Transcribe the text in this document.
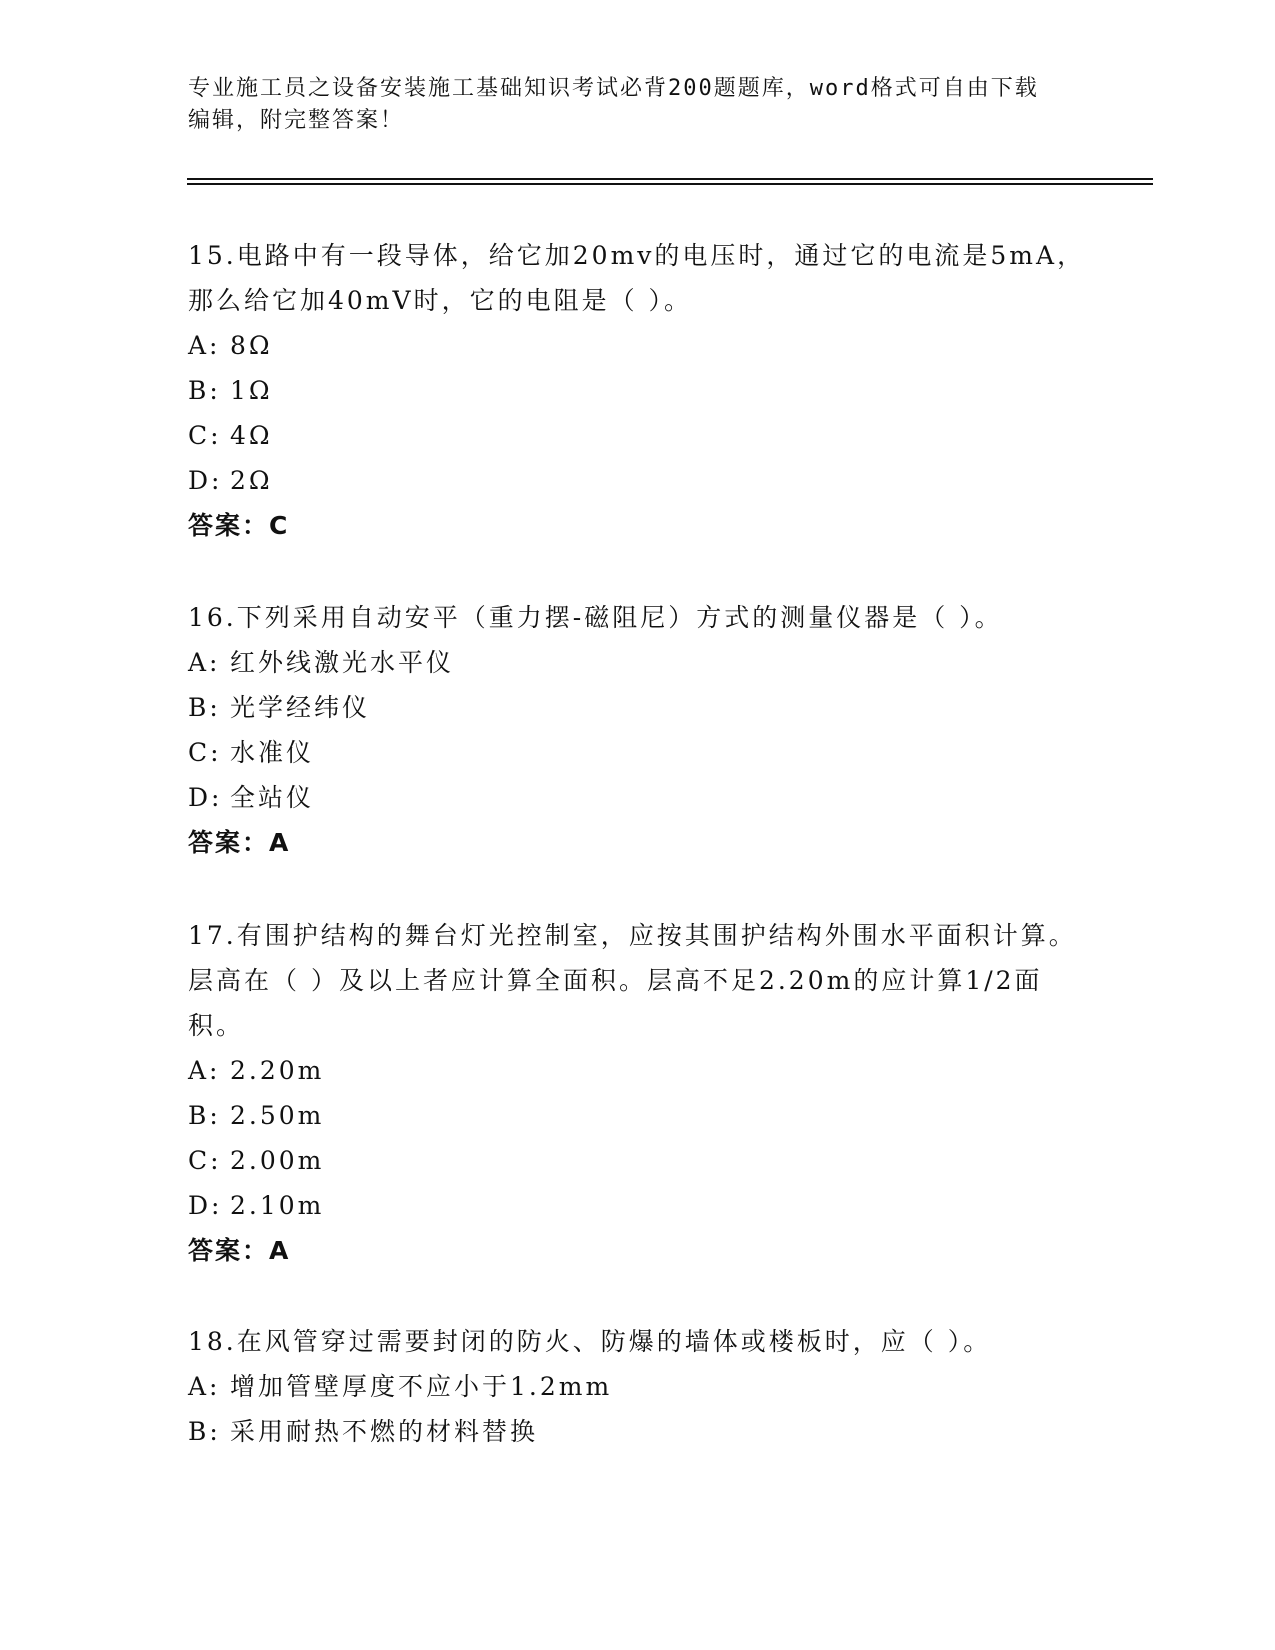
专业施工员之设备安装施工基础知识考试必背200题题库，word格式可自由下载
编辑，附完整答案！

15.电路中有一段导体，给它加20mv的电压时，通过它的电流是5mA，那么给它加40mV时，它的电阻是（ ）。

A: 8Ω

B: 1Ω

C: 4Ω

D: 2Ω

答案：C

16.下列采用自动安平（重力摆-磁阻尼）方式的测量仪器是（ ）。

A: 红外线激光水平仪

B: 光学经纬仪

C: 水准仪

D: 全站仪

答案：A

17.有围护结构的舞台灯光控制室，应按其围护结构外围水平面积计算。层高在（ ）及以上者应计算全面积。层高不足2.20m的应计算1/2面积。

A: 2.20m

B: 2.50m

C: 2.00m

D: 2.10m

答案：A

18.在风管穿过需要封闭的防火、防爆的墙体或楼板时，应（ ）。

A: 增加管壁厚度不应小于1.2mm

B: 采用耐热不燃的材料替换
